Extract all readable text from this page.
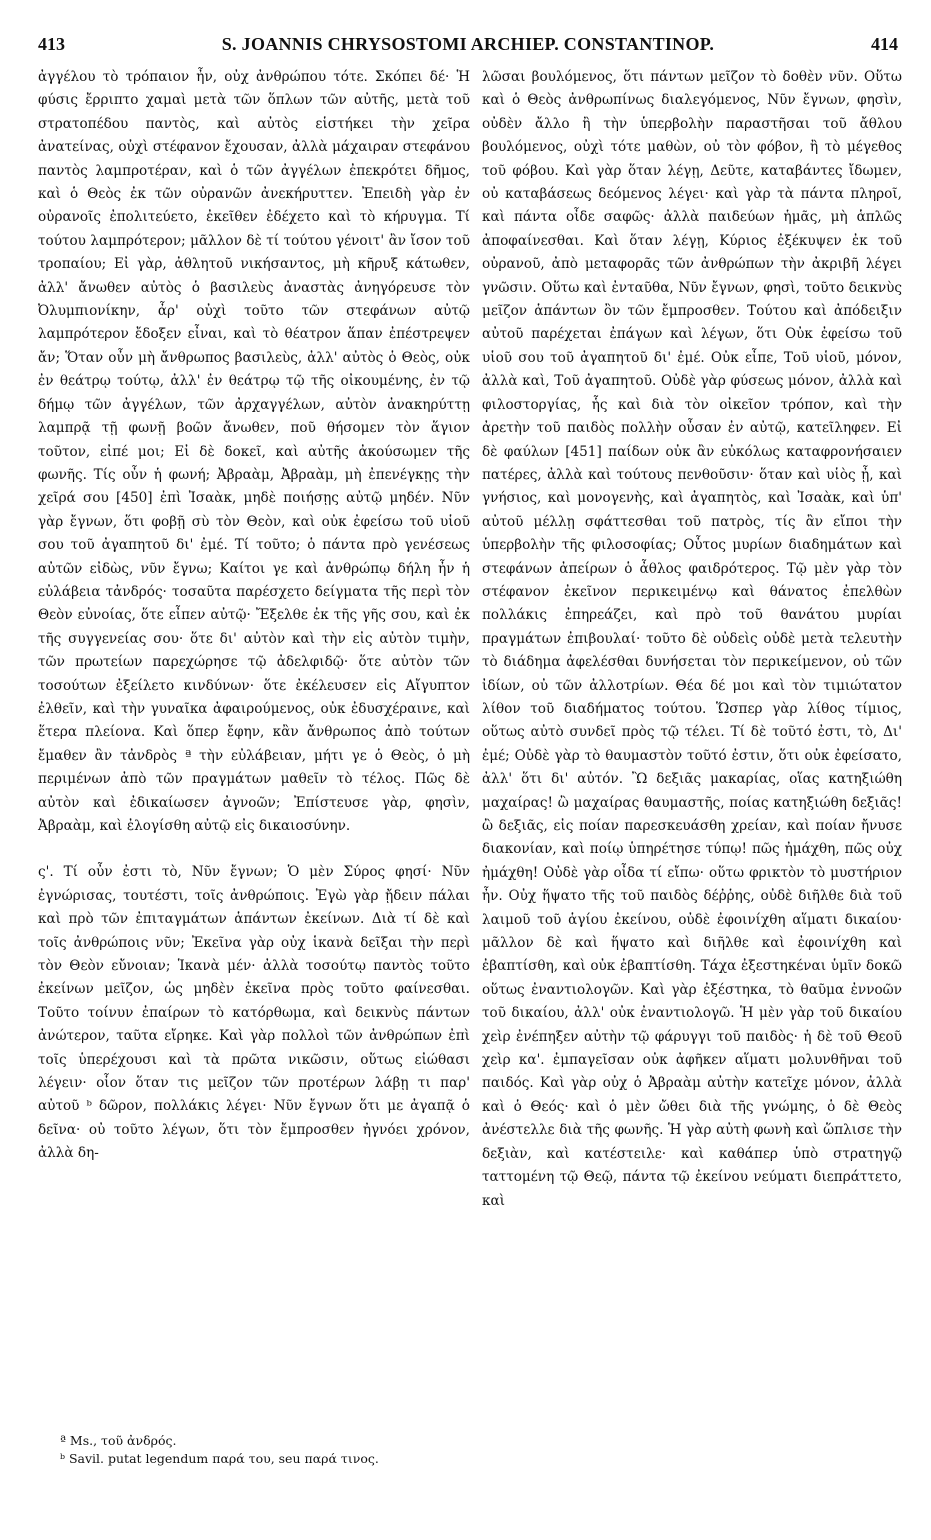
413	S. JOANNIS CHRYSOSTOMI ARCHIEP. CONSTANTINOP.	414

ἀγγέλου τὸ τρόπαιον ἦν, οὐχ ἀνθρώπου τότε. Σκόπει δέ· Ἡ φύσις ἔρριπτο χαμαὶ μετὰ τῶν ὅπλων τῶν αὐτῆς, μετὰ τοῦ στρατοπέδου παντὸς, καὶ αὐτὸς εἱστήκει τὴν χεῖρα ἀνατείνας, οὐχὶ στέφανον ἔχουσαν, ἀλλὰ μάχαιραν στεφάνου παντὸς λαμπροτέραν, καὶ ὁ τῶν ἀγγέλων ἐπεκρότει δῆμος, καὶ ὁ Θεὸς ἐκ τῶν οὐρανῶν ἀνεκήρυττεν. Ἐπειδὴ γὰρ ἐν οὐρανοῖς ἐπολιτεύετο, ἐκεῖθεν ἐδέχετο καὶ τὸ κήρυγμα. Τί τούτου λαμπρότερον; μᾶλλον δὲ τί τούτου γένοιτ' ἂν ἴσον τοῦ τροπαίου; Εἰ γὰρ, ἀθλητοῦ νικήσαντος, μὴ κῆρυξ κάτωθεν, ἀλλ' ἄνωθεν αὐτὸς ὁ βασιλεὺς ἀναστὰς ἀνηγόρευσε τὸν Ὀλυμπιονίκην, ἆρ' οὐχὶ τοῦτο τῶν στεφάνων αὐτῷ λαμπρότερον ἔδοξεν εἶναι, καὶ τὸ θέατρον ἅπαν ἐπέστρεψεν ἄν; Ὅταν οὖν μὴ ἄνθρωπος βασιλεὺς, ἀλλ' αὐτὸς ὁ Θεὸς, οὐκ ἐν θεάτρῳ τούτῳ, ἀλλ' ἐν θεάτρῳ τῷ τῆς οἰκουμένης, ἐν τῷ δήμῳ τῶν ἀγγέλων, τῶν ἀρχαγγέλων, αὐτὸν ἀνακηρύττῃ λαμπρᾷ τῇ φωνῇ βοῶν ἄνωθεν, ποῦ θήσομεν τὸν ἅγιον τοῦτον, εἰπέ μοι; Εἰ δὲ δοκεῖ, καὶ αὐτῆς ἀκούσωμεν τῆς φωνῆς. Τίς οὖν ἡ φωνή; Ἀβραὰμ, Ἀβραὰμ, μὴ ἐπενέγκῃς τὴν χεῖρά σου [450] ἐπὶ Ἰσαὰκ, μηδὲ ποιήσῃς αὐτῷ μηδέν. Νῦν γὰρ ἔγνων, ὅτι φοβῇ σὺ τὸν Θεὸν, καὶ οὐκ ἐφείσω τοῦ υἱοῦ σου τοῦ ἀγαπητοῦ δι' ἐμέ. Τί τοῦτο; ὁ πάντα πρὸ γενέσεως αὐτῶν εἰδὼς, νῦν ἔγνω; Καίτοι γε καὶ ἀνθρώπῳ δήλη ἦν ἡ εὐλάβεια τἀνδρός· τοσαῦτα παρέσχετο δείγματα τῆς περὶ τὸν Θεὸν εὐνοίας, ὅτε εἶπεν αὐτῷ· Ἔξελθε ἐκ τῆς γῆς σου, καὶ ἐκ τῆς συγγενείας σου· ὅτε δι' αὐτὸν καὶ τὴν εἰς αὐτὸν τιμὴν, τῶν πρωτείων παρεχώρησε τῷ ἀδελφιδῷ· ὅτε αὐτὸν τῶν τοσούτων ἐξείλετο κινδύνων· ὅτε ἐκέλευσεν εἰς Αἴγυπτον ἐλθεῖν, καὶ τὴν γυναῖκα ἀφαιρούμενος, οὐκ ἐδυσχέραινε, καὶ ἕτερα πλείονα. Καὶ ὅπερ ἔφην, κἂν ἄνθρωπος ἀπὸ τούτων ἔμαθεν ἂν τἀνδρὸς ª τὴν εὐλάβειαν, μήτι γε ὁ Θεὸς, ὁ μὴ περιμένων ἀπὸ τῶν πραγμάτων μαθεῖν τὸ τέλος. Πῶς δὲ αὐτὸν καὶ ἐδικαίωσεν ἀγνοῶν; Ἐπίστευσε γὰρ, φησὶν, Ἀβραὰμ, καὶ ἐλογίσθη αὐτῷ εἰς δικαιοσύνην.

ς'. Τί οὖν ἐστι τὸ, Νῦν ἔγνων; Ὁ μὲν Σύρος φησί· Νῦν ἐγνώρισας, τουτέστι, τοῖς ἀνθρώποις. Ἐγὼ γὰρ ᾔδειν πάλαι καὶ πρὸ τῶν ἐπιταγμάτων ἁπάντων ἐκείνων. Διὰ τί δὲ καὶ τοῖς ἀνθρώποις νῦν; Ἐκεῖνα γὰρ οὐχ ἱκανὰ δεῖξαι τὴν περὶ τὸν Θεὸν εὔνοιαν; Ἱκανὰ μέν· ἀλλὰ τοσούτῳ παντὸς τοῦτο ἐκείνων μεῖζον, ὡς μηδὲν ἐκεῖνα πρὸς τοῦτο φαίνεσθαι. Τοῦτο τοίνυν ἐπαίρων τὸ κατόρθωμα, καὶ δεικνὺς πάντων ἀνώτερον, ταῦτα εἴρηκε. Καὶ γὰρ πολλοὶ τῶν ἀνθρώπων ἐπὶ τοῖς ὑπερέχουσι καὶ τὰ πρῶτα νικῶσιν, οὕτως εἰώθασι λέγειν· οἷον ὅταν τις μεῖζον τῶν προτέρων λάβῃ τι παρ' αὐτοῦ ᵇ δῶρον, πολλάκις λέγει· Νῦν ἔγνων ὅτι με ἀγαπᾷ ὁ δεῖνα· οὐ τοῦτο λέγων, ὅτι τὸν ἔμπροσθεν ἠγνόει χρόνον, ἀλλὰ δη-

λῶσαι βουλόμενος, ὅτι πάντων μεῖζον τὸ δοθὲν νῦν. Οὕτω καὶ ὁ Θεὸς ἀνθρωπίνως διαλεγόμενος, Νῦν ἔγνων, φησὶν, οὐδὲν ἄλλο ἢ τὴν ὑπερβολὴν παραστῆσαι τοῦ ἄθλου βουλόμενος, οὐχὶ τότε μαθὼν, οὐ τὸν φόβον, ἢ τὸ μέγεθος τοῦ φόβου. Καὶ γὰρ ὅταν λέγῃ, Δεῦτε, καταβάντες ἴδωμεν, οὐ καταβάσεως δεόμενος λέγει· καὶ γὰρ τὰ πάντα πληροῖ, καὶ πάντα οἶδε σαφῶς· ἀλλὰ παιδεύων ἡμᾶς, μὴ ἁπλῶς ἀποφαίνεσθαι. Καὶ ὅταν λέγῃ, Κύριος ἐξέκυψεν ἐκ τοῦ οὐρανοῦ, ἀπὸ μεταφορᾶς τῶν ἀνθρώπων τὴν ἀκριβῆ λέγει γνῶσιν. Οὕτω καὶ ἐνταῦθα, Νῦν ἔγνων, φησὶ, τοῦτο δεικνὺς μεῖζον ἁπάντων ὂν τῶν ἔμπροσθεν. Τούτου καὶ ἀπόδειξιν αὐτοῦ παρέχεται ἐπάγων καὶ λέγων, ὅτι Οὐκ ἐφείσω τοῦ υἱοῦ σου τοῦ ἀγαπητοῦ δι' ἐμέ. Οὐκ εἶπε, Τοῦ υἱοῦ, μόνον, ἀλλὰ καὶ, Τοῦ ἀγαπητοῦ. Οὐδὲ γὰρ φύσεως μόνον, ἀλλὰ καὶ φιλοστοργίας, ἧς καὶ διὰ τὸν οἰκεῖον τρόπον, καὶ τὴν ἀρετὴν τοῦ παιδὸς πολλὴν οὖσαν ἐν αὐτῷ, κατεῖληφεν. Εἰ δὲ φαύλων [451] παίδων οὐκ ἂν εὐκόλως καταφρονήσαιεν πατέρες, ἀλλὰ καὶ τούτους πενθοῦσιν· ὅταν καὶ υἱὸς ᾖ, καὶ γνήσιος, καὶ μονογενὴς, καὶ ἀγαπητὸς, καὶ Ἰσαὰκ, καὶ ὑπ' αὐτοῦ μέλλῃ σφάττεσθαι τοῦ πατρὸς, τίς ἂν εἴποι τὴν ὑπερβολὴν τῆς φιλοσοφίας; Οὗτος μυρίων διαδημάτων καὶ στεφάνων ἀπείρων ὁ ἆθλος φαιδρότερος. Τῷ μὲν γὰρ τὸν στέφανον ἐκεῖνον περικειμένῳ καὶ θάνατος ἐπελθὼν πολλάκις ἐπηρεάζει, καὶ πρὸ τοῦ θανάτου μυρίαι πραγμάτων ἐπιβουλαί· τοῦτο δὲ οὐδεὶς οὐδὲ μετὰ τελευτὴν τὸ διάδημα ἀφελέσθαι δυνήσεται τὸν περικείμενον, οὐ τῶν ἰδίων, οὐ τῶν ἀλλοτρίων. Θέα δέ μοι καὶ τὸν τιμιώτατον λίθον τοῦ διαδήματος τούτου. Ὥσπερ γὰρ λίθος τίμιος, οὕτως αὐτὸ συνδεῖ πρὸς τῷ τέλει. Τί δὲ τοῦτό ἐστι, τὸ, Δι' ἐμέ; Οὐδὲ γὰρ τὸ θαυμαστὸν τοῦτό ἐστιν, ὅτι οὐκ ἐφείσατο, ἀλλ' ὅτι δι' αὐτόν. Ὢ δεξιᾶς μακαρίας, οἵας κατηξιώθη μαχαίρας! ὢ μαχαίρας θαυμαστῆς, ποίας κατηξιώθη δεξιᾶς! ὢ δεξιᾶς, εἰς ποίαν παρεσκευάσθη χρείαν, καὶ ποίαν ἤνυσε διακονίαν, καὶ ποίῳ ὑπηρέτησε τύπῳ! πῶς ἠμάχθη, πῶς οὐχ ἠμάχθη! Οὐδὲ γὰρ οἶδα τί εἴπω· οὕτω φρικτὸν τὸ μυστήριον ἦν. Οὐχ ἥψατο τῆς τοῦ παιδὸς δέῤῥης, οὐδὲ διῆλθε διὰ τοῦ λαιμοῦ τοῦ ἁγίου ἐκείνου, οὐδὲ ἐφοινίχθη αἵματι δικαίου· μᾶλλον δὲ καὶ ἥψατο καὶ διῆλθε καὶ ἐφοινίχθη καὶ ἐβαπτίσθη, καὶ οὐκ ἐβαπτίσθη. Τάχα ἐξεστηκέναι ὑμῖν δοκῶ οὕτως ἐναντιολογῶν. Καὶ γὰρ ἐξέστηκα, τὸ θαῦμα ἐννοῶν τοῦ δικαίου, ἀλλ' οὐκ ἐναντιολογῶ. Ἡ μὲν γὰρ τοῦ δικαίου χεὶρ ἐνέπηξεν αὐτὴν τῷ φάρυγγι τοῦ παιδὸς· ἡ δὲ τοῦ Θεοῦ χεὶρ κα'. ἐμπαγεῖσαν οὐκ ἀφῆκεν αἵματι μολυνθῆναι τοῦ παιδός. Καὶ γὰρ οὐχ ὁ Ἀβραὰμ αὐτὴν κατεῖχε μόνον, ἀλλὰ καὶ ὁ Θεός· καὶ ὁ μὲν ὤθει διὰ τῆς γνώμης, ὁ δὲ Θεὸς ἀνέστελλε διὰ τῆς φωνῆς. Ἡ γὰρ αὐτὴ φωνὴ καὶ ὥπλισε τὴν δεξιὰν, καὶ κατέστειλε· καὶ καθάπερ ὑπὸ στρατηγῷ ταττομένη τῷ Θεῷ, πάντα τῷ ἐκείνου νεύματι διεπράττετο, καὶ

ª Ms., τοῦ ἀνδρός.
ᵇ Savil. putat legendum παρά του, seu παρά τινος.
